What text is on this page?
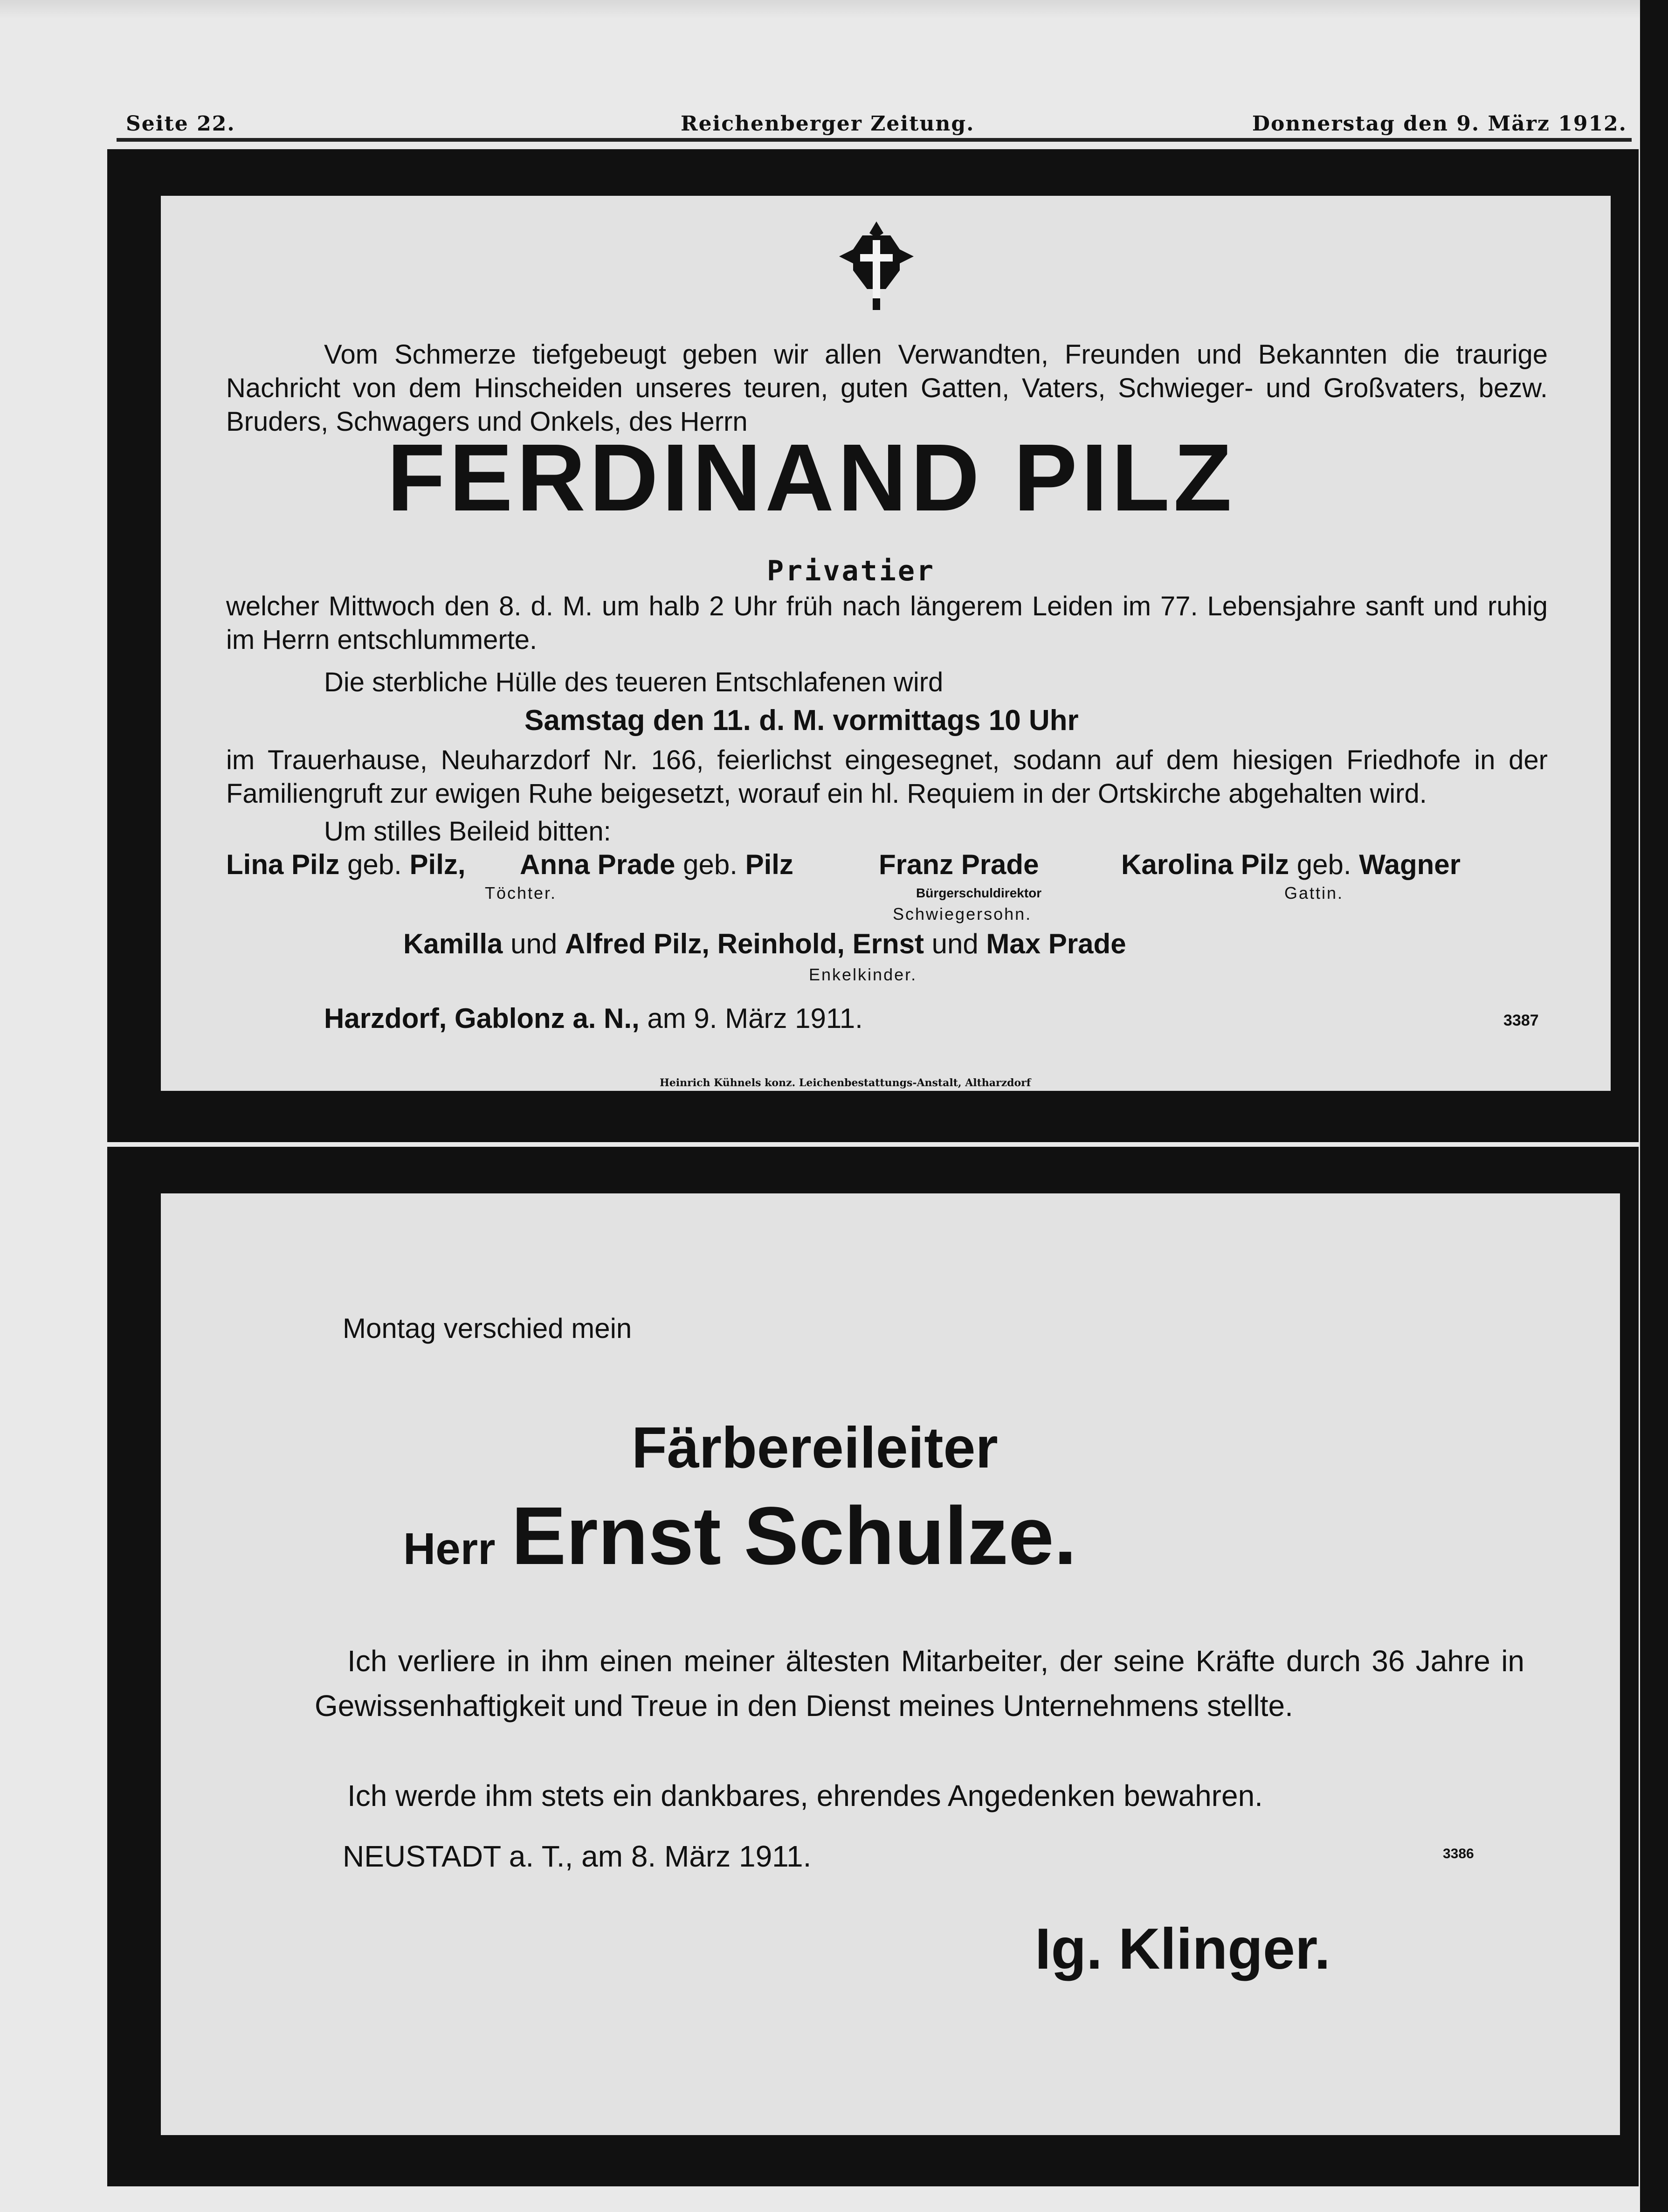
Seite 22.	Reichenberger Zeitung.	Donnerstag den 9. März 1912.
Vom Schmerze tiefgebeugt geben wir allen Verwandten, Freunden und Bekannten die traurige Nachricht von dem Hinscheiden unseres teuren, guten Gatten, Vaters, Schwieger- und Großvaters, bezw. Bruders, Schwagers und Onkels, des Herrn
FERDINAND PILZ
Privatier
welcher Mittwoch den 8. d. M. um halb 2 Uhr früh nach längerem Leiden im 77. Lebensjahre sanft und ruhig im Herrn entschlummerte.
Die sterbliche Hülle des teueren Entschlafenen wird
Samstag den 11. d. M. vormittags 10 Uhr
im Trauerhause, Neuharzdorf Nr. 166, feierlichst eingesegnet, sodann auf dem hiesigen Friedhofe in der Familiengruft zur ewigen Ruhe beigesetzt, worauf ein hl. Requiem in der Ortskirche abgehalten wird.
Um stilles Beileid bitten:
Lina Pilz geb. Pilz, Anna Prade geb. Pilz	Franz Prade	Karolina Pilz geb. Wagner
Töchter.	Bürgerschuldirektor
Schwiegersohn.
Gattin.
Kamilla und Alfred Pilz, Reinhold, Ernst und Max Prade
Enkelkinder.
Harzdorf, Gablonz a. N., am 9. März 1911.	3387
Heinrich Kühnels konz. Leichenbestattungs-Anstalt, Altharzdorf
Montag verschied mein
Färbereileiter
Herr Ernst Schulze.
Ich verliere in ihm einen meiner ältesten Mitarbeiter, der seine Kräfte durch 36 Jahre in Gewissenhaftigkeit und Treue in den Dienst meines Unternehmens stellte.
Ich werde ihm stets ein dankbares, ehrendes Angedenken bewahren.
NEUSTADT a. T., am 8. März 1911.	3386
Ig. Klinger.
